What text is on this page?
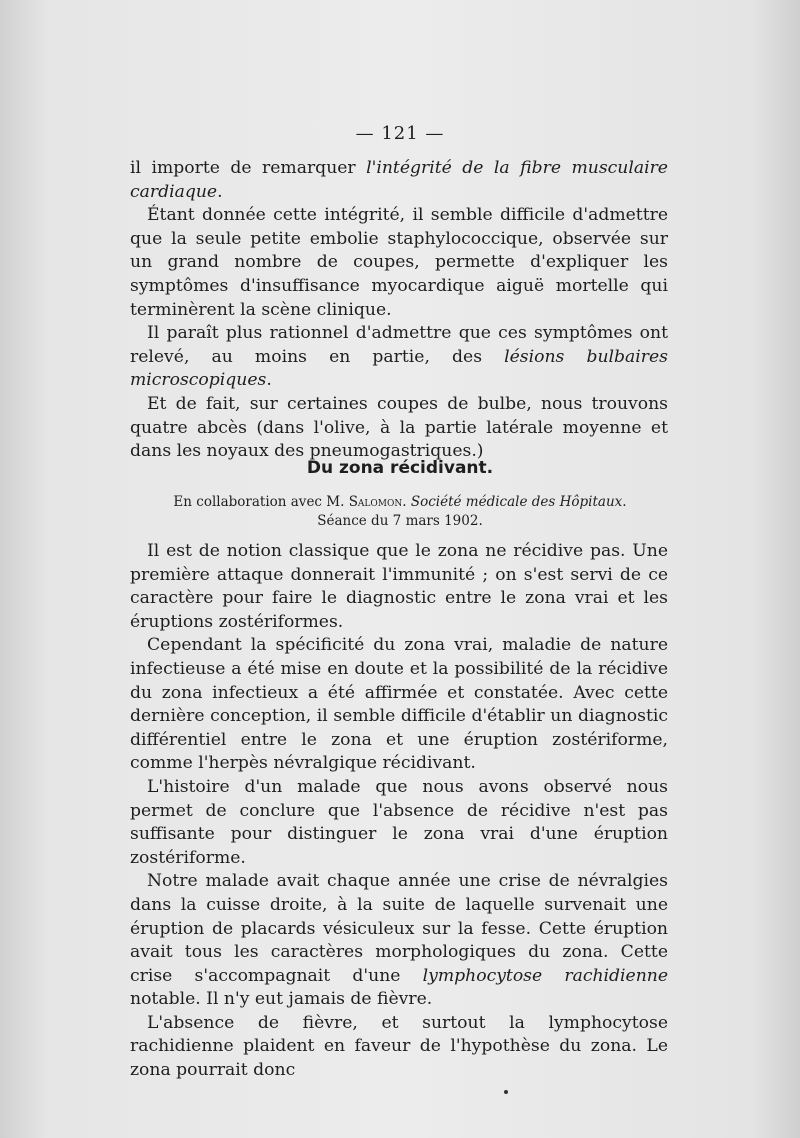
— 121 —

il importe de remarquer l'intégrité de la fibre musculaire cardiaque.

Étant donnée cette intégrité, il semble difficile d'admettre que la seule petite embolie staphylococcique, observée sur un grand nombre de coupes, permette d'expliquer les symptômes d'insuffisance myocardique aiguë mortelle qui terminèrent la scène clinique.

Il paraît plus rationnel d'admettre que ces symptômes ont relevé, au moins en partie, des lésions bulbaires microscopiques.

Et de fait, sur certaines coupes de bulbe, nous trouvons quatre abcès (dans l'olive, à la partie latérale moyenne et dans les noyaux des pneumogastriques.)

Du zona récidivant.
En collaboration avec M. Salomon. Société médicale des Hôpitaux.
Séance du 7 mars 1902.

Il est de notion classique que le zona ne récidive pas. Une première attaque donnerait l'immunité ; on s'est servi de ce caractère pour faire le diagnostic entre le zona vrai et les éruptions zostériformes.

Cependant la spécificité du zona vrai, maladie de nature infectieuse a été mise en doute et la possibilité de la récidive du zona infectieux a été affirmée et constatée. Avec cette dernière conception, il semble difficile d'établir un diagnostic différentiel entre le zona et une éruption zostériforme, comme l'herpès névralgique récidivant.

L'histoire d'un malade que nous avons observé nous permet de conclure que l'absence de récidive n'est pas suffisante pour distinguer le zona vrai d'une éruption zostériforme.

Notre malade avait chaque année une crise de névralgies dans la cuisse droite, à la suite de laquelle survenait une éruption de placards vésiculeux sur la fesse. Cette éruption avait tous les caractères morphologiques du zona. Cette crise s'accompagnait d'une lymphocytose rachidienne notable. Il n'y eut jamais de fièvre.

L'absence de fièvre, et surtout la lymphocytose rachidienne plaident en faveur de l'hypothèse du zona. Le zona pourrait donc
